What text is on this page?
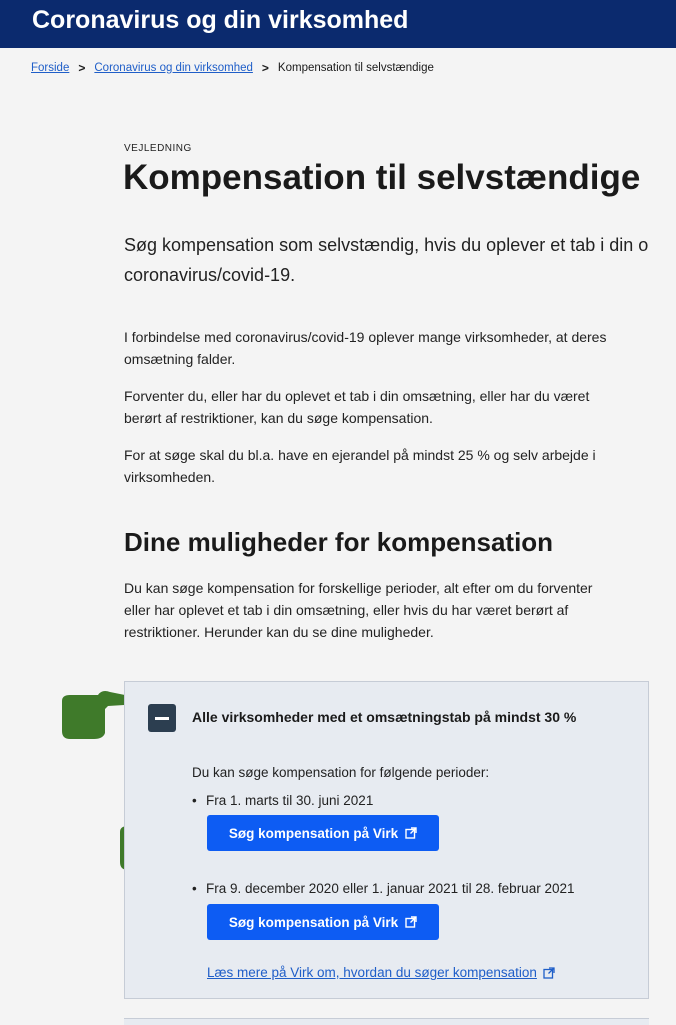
Coronavirus og din virksomhed
Forside > Coronavirus og din virksomhed > Kompensation til selvstændige
VEJLEDNING
Kompensation til selvstændige

Søg kompensation som selvstændig, hvis du oplever et tab i din o
coronavirus/covid-19.

I forbindelse med coronavirus/covid-19 oplever mange virksomheder, at deres
omsætning falder.

Forventer du, eller har du oplevet et tab i din omsætning, eller har du været
berørt af restriktioner, kan du søge kompensation.

For at søge skal du bl.a. have en ejerandel på mindst 25 % og selv arbejde i
virksomheden.

Dine muligheder for kompensation

Du kan søge kompensation for forskellige perioder, alt efter om du forventer
eller har oplevet et tab i din omsætning, eller hvis du har været berørt af
restriktioner. Herunder kan du se dine muligheder.

Alle virksomheder med et omsætningstab på mindst 30 %
Du kan søge kompensation for følgende perioder:
• Fra 1. marts til 30. juni 2021
Søg kompensation på Virk
• Fra 9. december 2020 eller 1. januar 2021 til 28. februar 2021
Søg kompensation på Virk
Læs mere på Virk om, hvordan du søger kompensation
